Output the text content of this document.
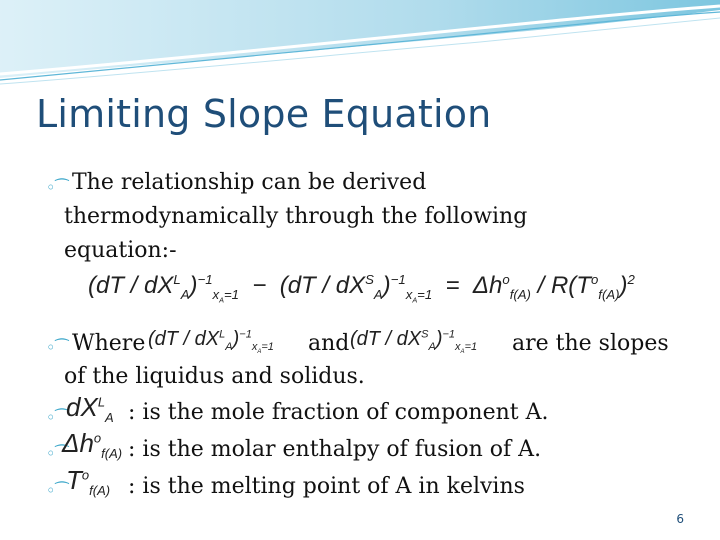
Limiting Slope Equation
◦⁀ The relationship can be derived
thermodynamically through the following
equation:-
$(dT / dX^L_A)^{-1}_{x_A=1} - (dT / dX^S_A)^{-1}_{x_A=1} = \Delta h^o_{f(A)} / R(T^o_{f(A)})^2$
◦⁀ Where $(dT / dX^L_A)^{-1}_{x_A=1}$ and $(dT / dX^S_A)^{-1}_{x_A=1}$ are the slopes
of the liquidus and solidus.
◦⁀
$dX^L_A$ : is the mole fraction of component A.
◦⁀
$\Delta h^o_{f(A)}$ : is the molar enthalpy of fusion of A.
◦⁀
$T^o_{f(A)}$ : is the melting point of A in kelvins
6
